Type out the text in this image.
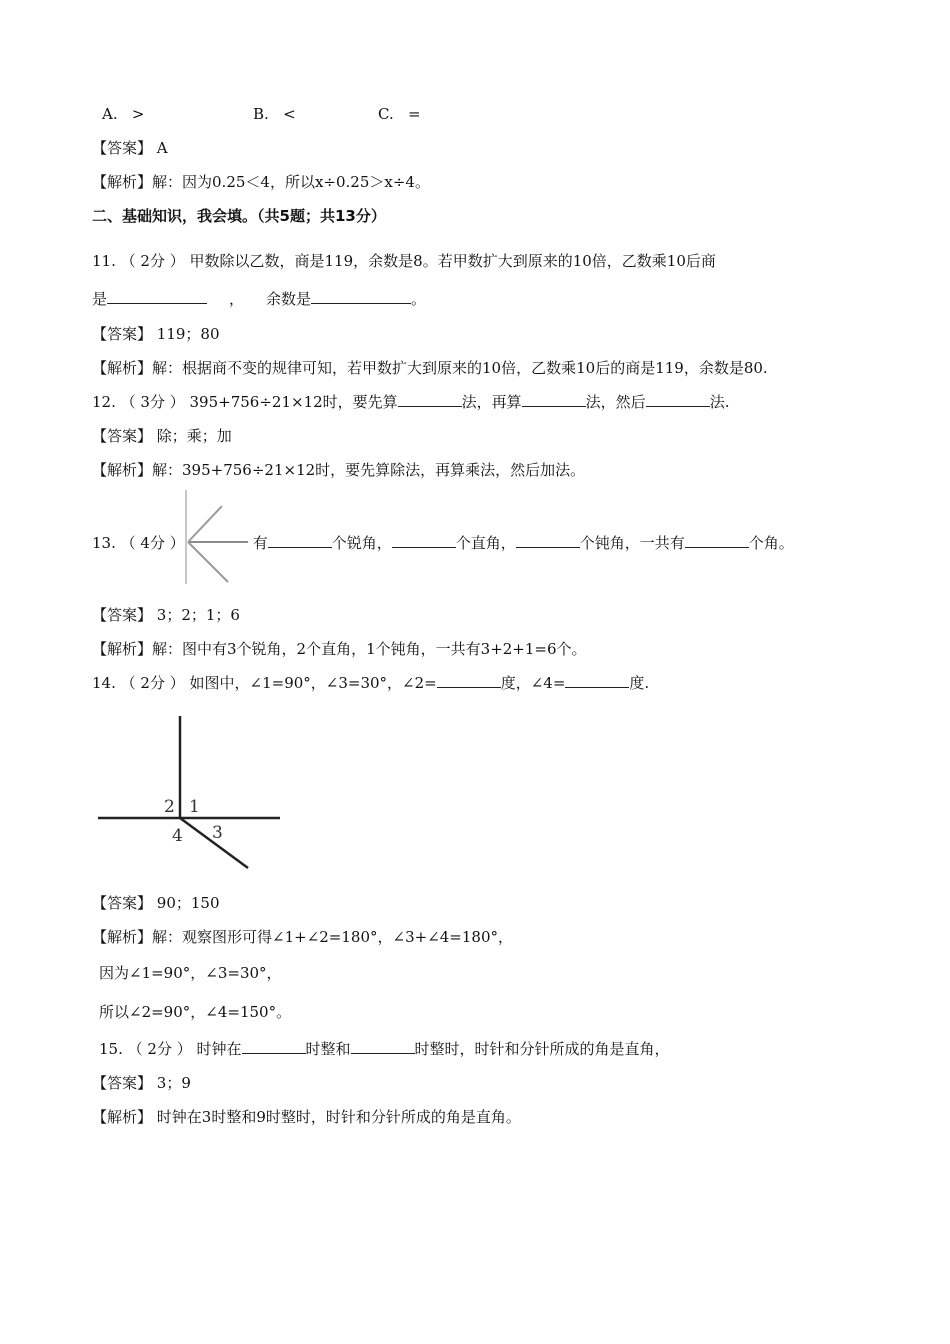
A. >	B. <	C. =
【答案】 A
【解析】解：因为0.25＜4，所以x÷0.25＞x÷4。
二、基础知识，我会填。（共5题；共13分）
11. （ 2分 ） 甲数除以乙数，商是119，余数是8。若甲数扩大到原来的10倍，乙数乘10后商
是	， 余数是	。
【答案】 119；80
【解析】解：根据商不变的规律可知，若甲数扩大到原来的10倍，乙数乘10后的商是119，余数是80.
12. （ 3分 ） 395+756÷21×12时，要先算	法，再算	法，然后	法.
【答案】 除；乘；加
【解析】解：395+756÷21×12时，要先算除法，再算乘法，然后加法。
13. （ 4分 ）	有	个锐角，	个直角，	个钝角，一共有	个角。
【答案】 3；2；1；6
【解析】解：图中有3个锐角，2个直角，1个钝角，一共有3+2+1=6个。
14. （ 2分 ） 如图中，∠1=90°，∠3=30°，∠2=	度，∠4=	度.
2 1
4 3
【答案】 90；150
【解析】解：观察图形可得∠1+∠2=180°，∠3+∠4=180°，
因为∠1=90°，∠3=30°，
所以∠2=90°，∠4=150°。
15. （ 2分 ） 时钟在	时整和	时整时，时针和分针所成的角是直角，
【答案】 3；9
【解析】 时钟在3时整和9时整时，时针和分针所成的角是直角。
